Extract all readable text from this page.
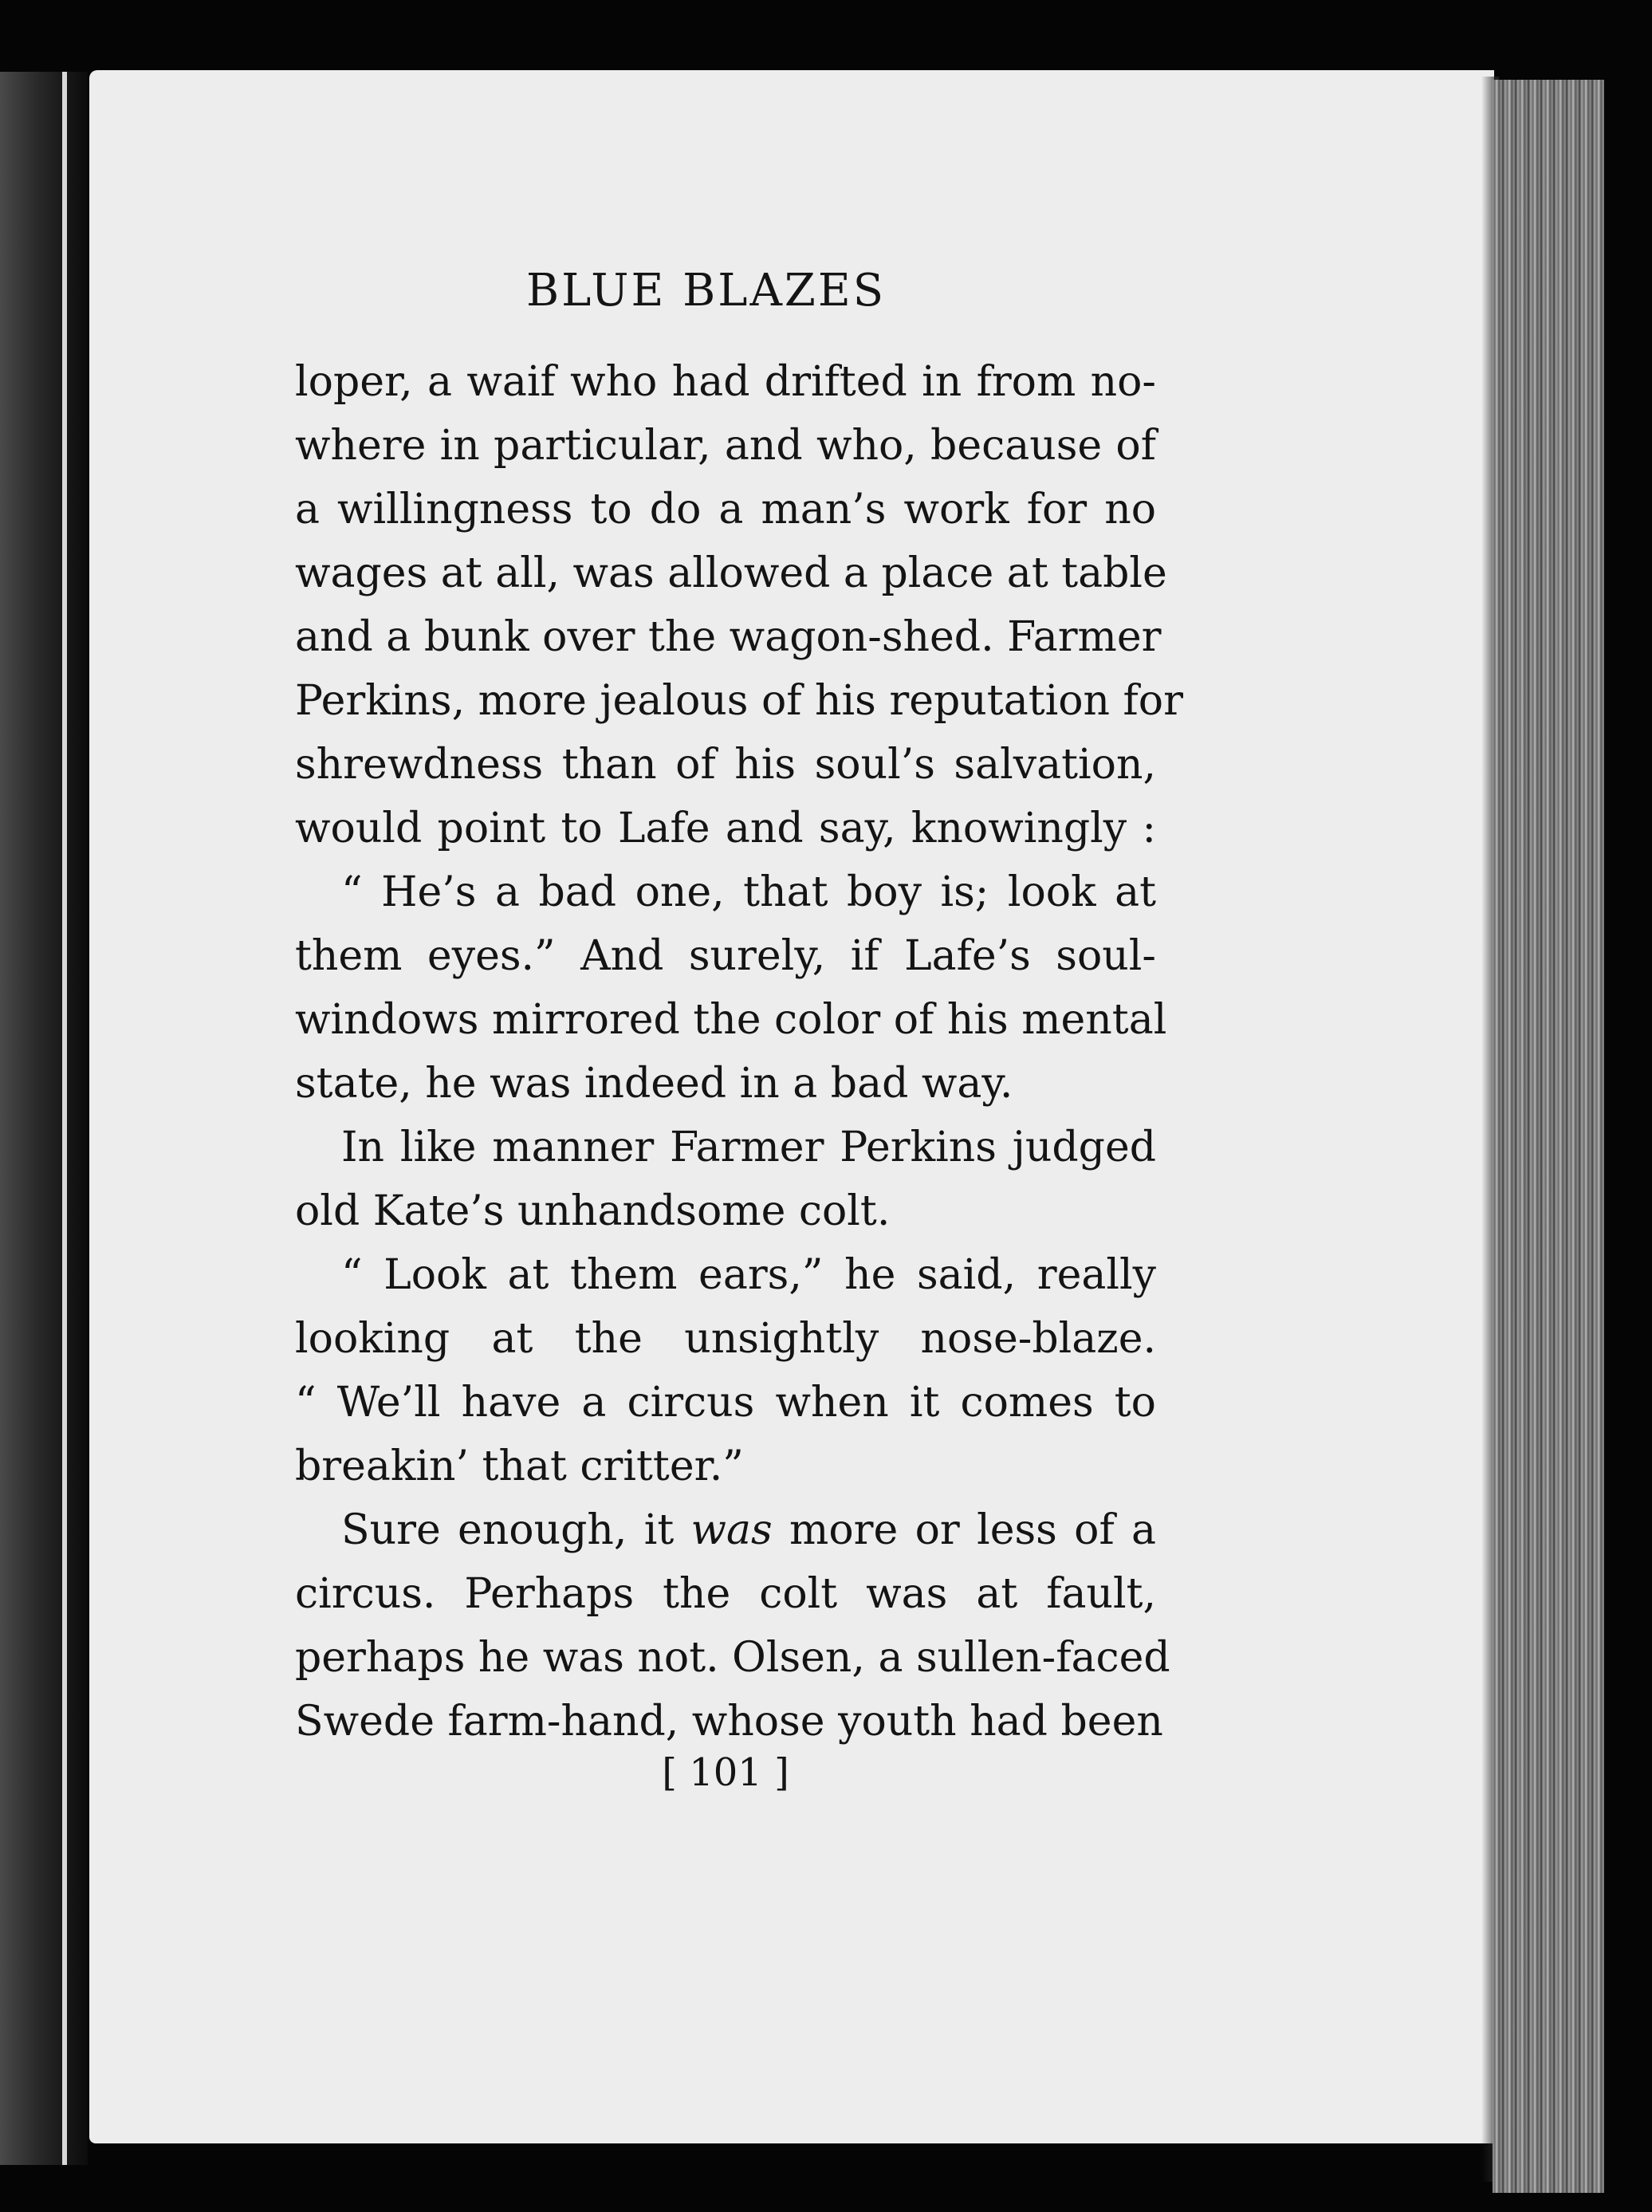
BLUE BLAZES
loper, a waif who had drifted in from no-
where in particular, and who, because of
a willingness to do a man’s work for no
wages at all, was allowed a place at table
and a bunk over the wagon-shed. Farmer
Perkins, more jealous of his reputation for
shrewdness than of his soul’s salvation,
would point to Lafe and say, knowingly :
“ He’s a bad one, that boy is; look at
them eyes.” And surely, if Lafe’s soul-
windows mirrored the color of his mental
state, he was indeed in a bad way.
In like manner Farmer Perkins judged
old Kate’s unhandsome colt.
“ Look at them ears,” he said, really
looking at the unsightly nose-blaze.
“ We’ll have a circus when it comes to
breakin’ that critter.”
Sure enough, it was more or less of a
circus. Perhaps the colt was at fault,
perhaps he was not. Olsen, a sullen-faced
Swede farm-hand, whose youth had been
[ 101 ]
